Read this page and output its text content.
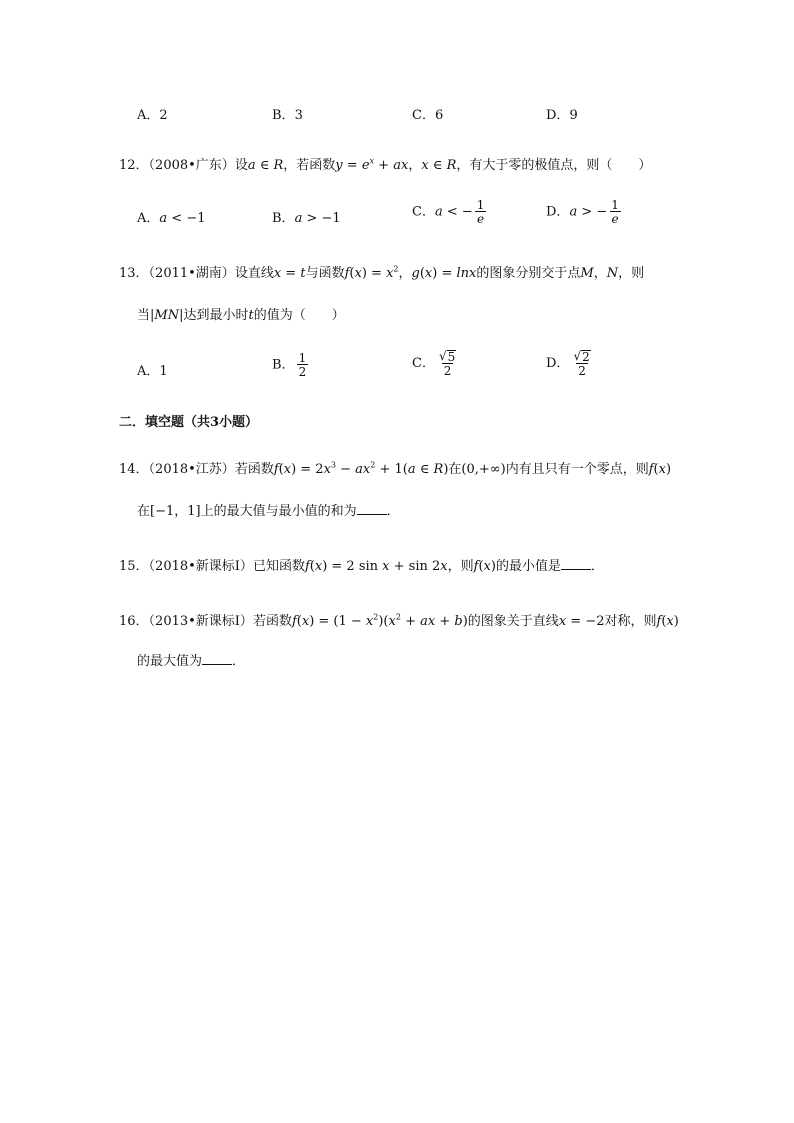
A．2	B．3	C．6	D．9
12．（2008•广东）设a ∈ R，若函数$y = e^x$ + ax，x ∈ R，有大于零的极值点，则（　　）
A．a < −1	B．a > −1	C．a < − $\frac{1}{e}$	D．a > − $\frac{1}{e}$
13．（2011•湖南）设直线x = t与函数$f(x) = x^2$，g(x) = lnx的图象分别交于点M，N，则
当|MN|达到最小时t的值为（　　）
A．1	B． $\frac{1}{2}$	C． $\frac{√ 5}{2}$	D． $\frac{√ 2}{2}$
二．填空题（共3小题）
14．（2018•江苏）若函数$f(x) = 2x^3 - ax^2 + 1(a$ ∈ R)在(0,+∞)内有且只有一个零点，则f(x)
在[−1，1]上的最大值与最小值的和为 ．
15．（2018•新课标Ⅰ）已知函数f(x) = 2 sin x + sin 2x，则f(x)的最小值是 ．
16．（2013•新课标Ⅰ）若函数$f(x) = (1 - x^2)(x^2$ + ax + b)的图象关于直线x = −2对称，则f(x)
的最大值为 ．
